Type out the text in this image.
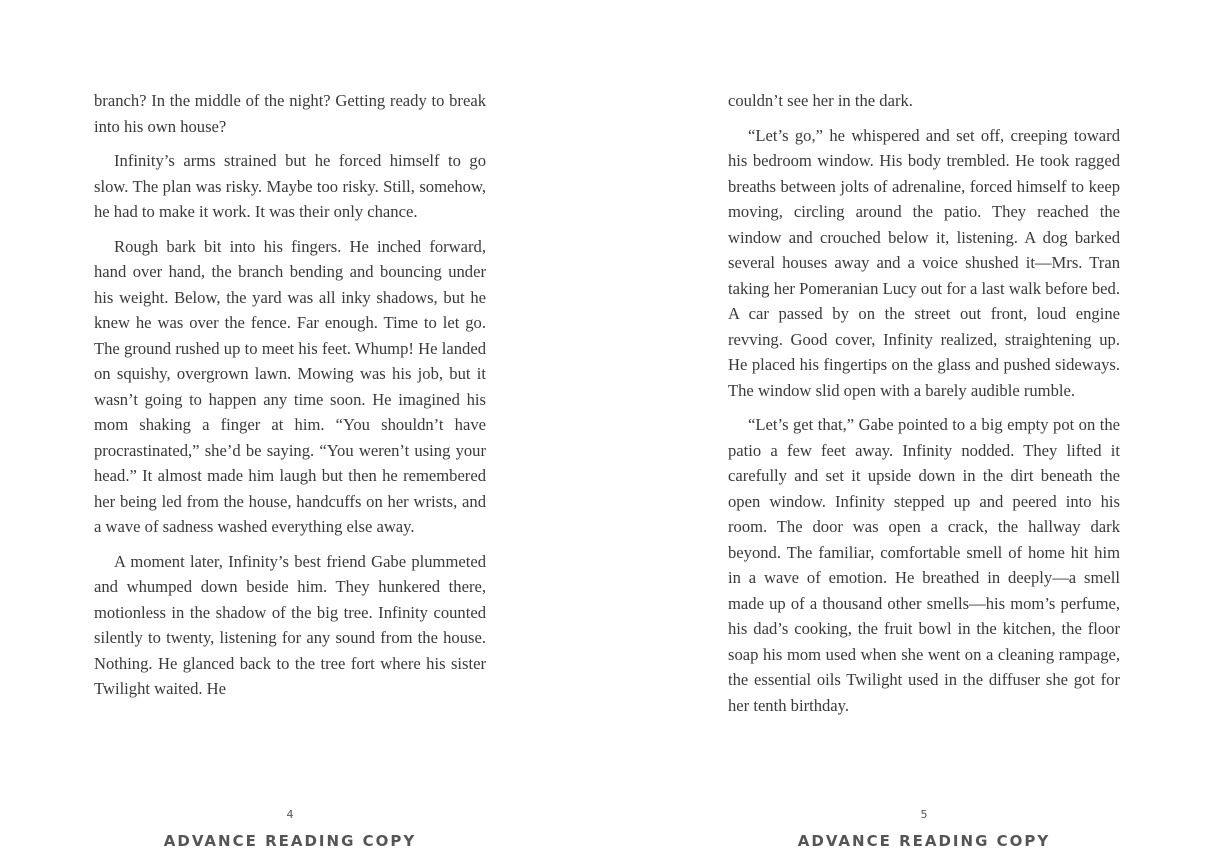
branch? In the middle of the night? Getting ready to break into his own house?

Infinity’s arms strained but he forced himself to go slow. The plan was risky. Maybe too risky. Still, somehow, he had to make it work. It was their only chance.

Rough bark bit into his fingers. He inched forward, hand over hand, the branch bending and bouncing under his weight. Below, the yard was all inky shadows, but he knew he was over the fence. Far enough. Time to let go. The ground rushed up to meet his feet. Whump! He landed on squishy, overgrown lawn. Mowing was his job, but it wasn’t going to happen any time soon. He imagined his mom shaking a finger at him. “You shouldn’t have procrastinated,” she’d be saying. “You weren’t using your head.” It almost made him laugh but then he remembered her being led from the house, handcuffs on her wrists, and a wave of sadness washed everything else away.

A moment later, Infinity’s best friend Gabe plummeted and whumped down beside him. They hunkered there, motionless in the shadow of the big tree. Infinity counted silently to twenty, listening for any sound from the house. Nothing. He glanced back to the tree fort where his sister Twilight waited. He

4
ADVANCE READING COPY

couldn’t see her in the dark.

“Let’s go,” he whispered and set off, creeping toward his bedroom window. His body trembled. He took ragged breaths between jolts of adrenaline, forced himself to keep moving, circling around the patio. They reached the window and crouched below it, listening. A dog barked several houses away and a voice shushed it—Mrs. Tran taking her Pomeranian Lucy out for a last walk before bed. A car passed by on the street out front, loud engine revving. Good cover, Infinity realized, straightening up. He placed his fingertips on the glass and pushed sideways. The window slid open with a barely audible rumble.

“Let’s get that,” Gabe pointed to a big empty pot on the patio a few feet away. Infinity nodded. They lifted it carefully and set it upside down in the dirt beneath the open window. Infinity stepped up and peered into his room. The door was open a crack, the hallway dark beyond. The familiar, comfortable smell of home hit him in a wave of emotion. He breathed in deeply—a smell made up of a thousand other smells—his mom’s perfume, his dad’s cooking, the fruit bowl in the kitchen, the floor soap his mom used when she went on a cleaning rampage, the essential oils Twilight used in the diffuser she got for her tenth birthday.

5
ADVANCE READING COPY
